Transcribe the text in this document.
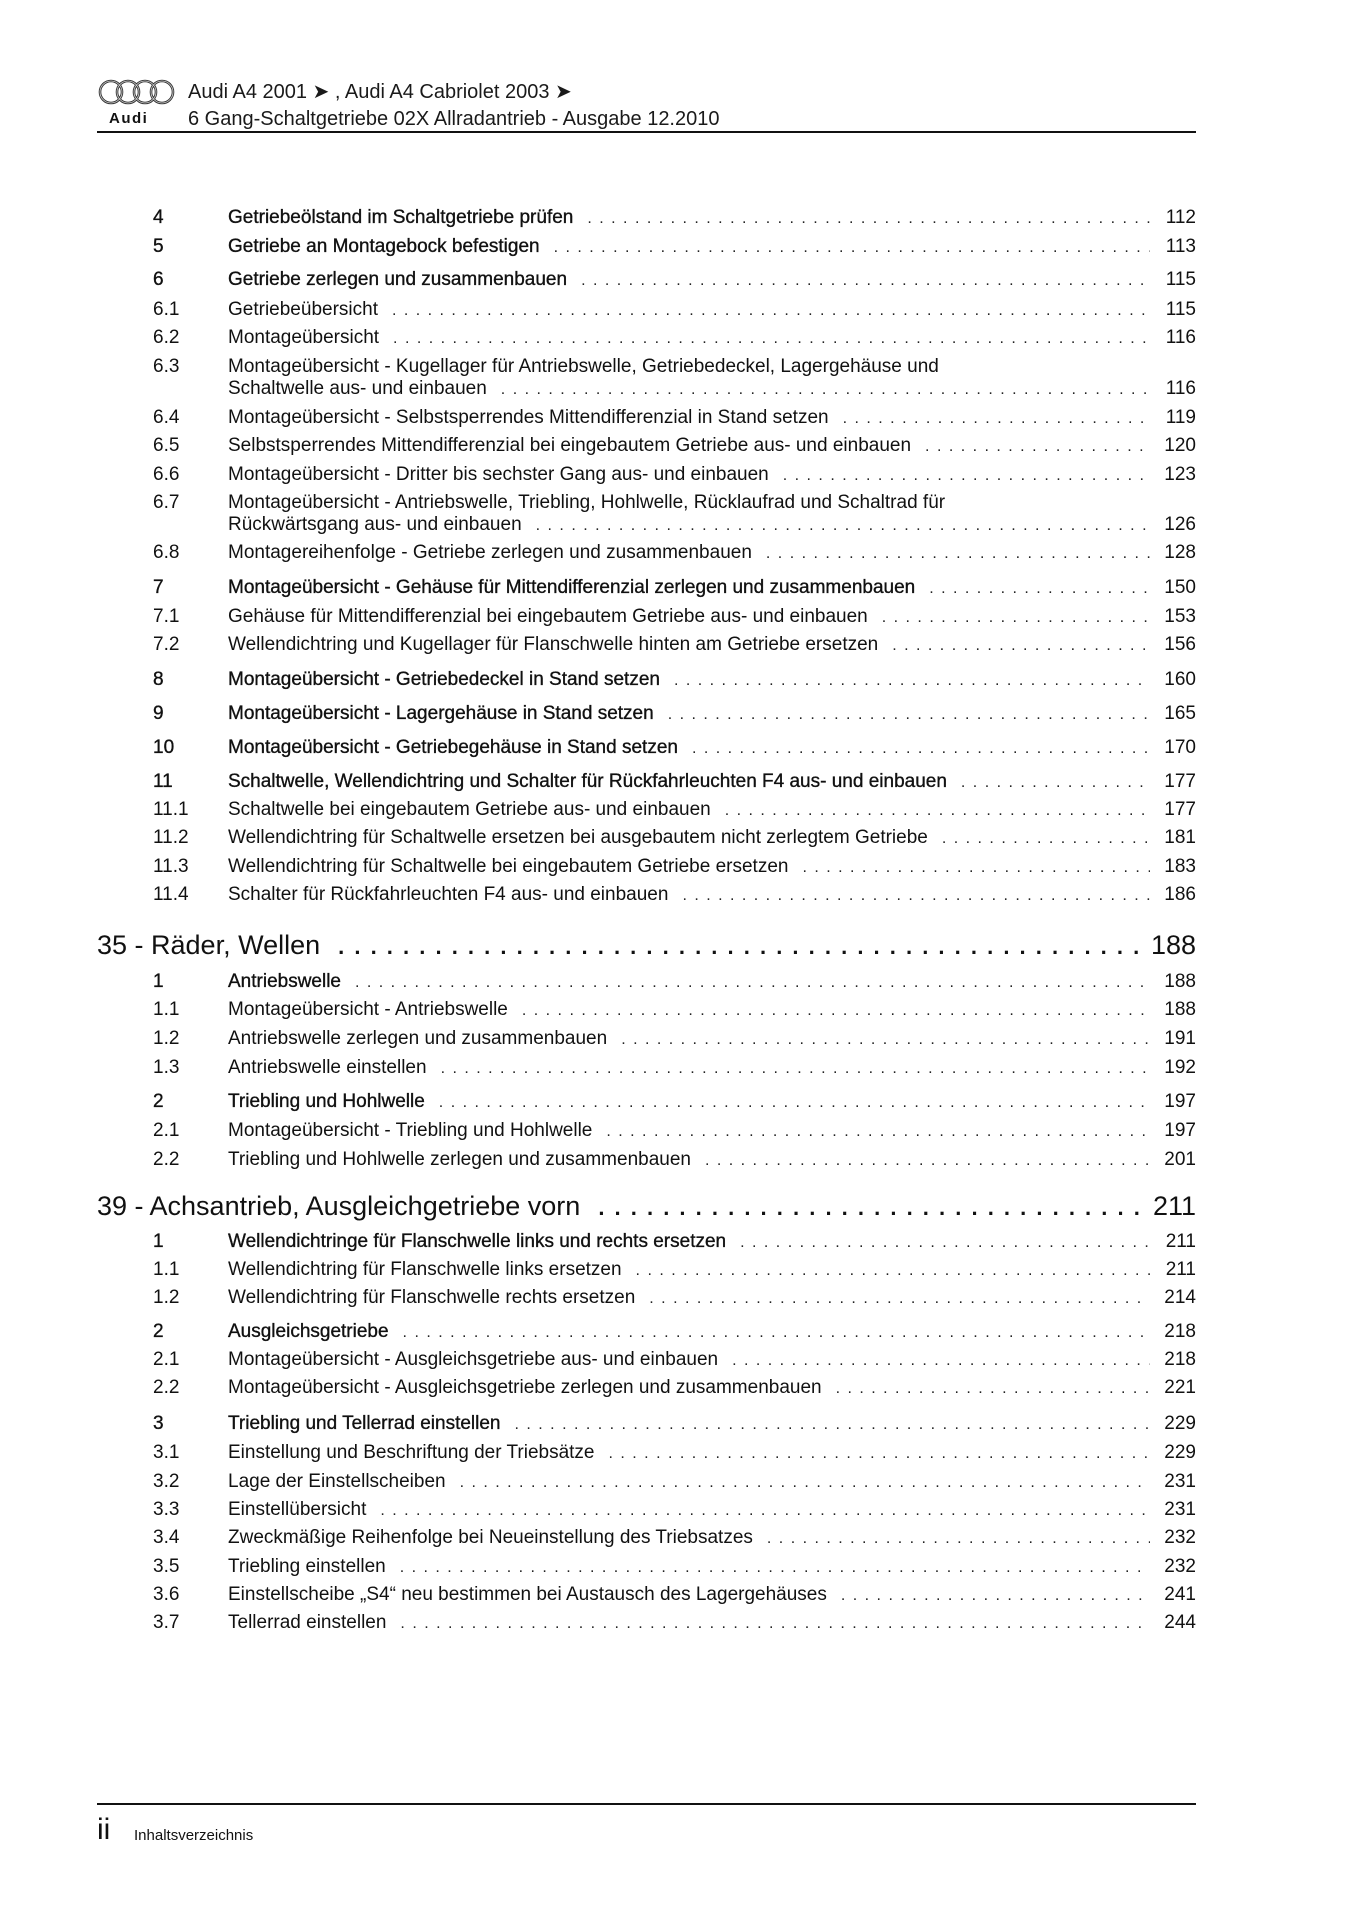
Audi
Audi A4 2001 ➤ , Audi A4 Cabriolet 2003 ➤
6 Gang-Schaltgetriebe 02X Allradantrieb - Ausgabe 12.2010
4	Getriebeölstand im Schaltgetriebe prüfen . . .	112
5	Getriebe an Montagebock befestigen . . .	113
6	Getriebe zerlegen und zusammenbauen . . .	115
6.1	Getriebeübersicht . . .	115
6.2	Montageübersicht . . .	116
6.3	Montageübersicht - Kugellager für Antriebswelle, Getriebedeckel, Lagergehäuse und
Schaltwelle aus- und einbauen . . .	116
6.4	Montageübersicht - Selbstsperrendes Mittendifferenzial in Stand setzen . . .	119
6.5	Selbstsperrendes Mittendifferenzial bei eingebautem Getriebe aus- und einbauen . . .	120
6.6	Montageübersicht - Dritter bis sechster Gang aus- und einbauen . . .	123
6.7	Montageübersicht - Antriebswelle, Triebling, Hohlwelle, Rücklaufrad und Schaltrad für
Rückwärtsgang aus- und einbauen . . .	126
6.8	Montagereihenfolge - Getriebe zerlegen und zusammenbauen . . .	128
7	Montageübersicht - Gehäuse für Mittendifferenzial zerlegen und zusammenbauen . . .	150
7.1	Gehäuse für Mittendifferenzial bei eingebautem Getriebe aus- und einbauen . . .	153
7.2	Wellendichtring und Kugellager für Flanschwelle hinten am Getriebe ersetzen . . .	156
8	Montageübersicht - Getriebedeckel in Stand setzen . . .	160
9	Montageübersicht - Lagergehäuse in Stand setzen . . .	165
10	Montageübersicht - Getriebegehäuse in Stand setzen . . .	170
11	Schaltwelle, Wellendichtring und Schalter für Rückfahrleuchten F4 aus- und einbauen . . .	177
11.1 Schaltwelle bei eingebautem Getriebe aus- und einbauen . . .	177
11.2 Wellendichtring für Schaltwelle ersetzen bei ausgebautem nicht zerlegtem Getriebe . . .	181
11.3 Wellendichtring für Schaltwelle bei eingebautem Getriebe ersetzen . . .	183
11.4 Schalter für Rückfahrleuchten F4 aus- und einbauen . . .	186
35 - Räder, Wellen . . .	188
1	Antriebswelle . . .	188
1.1	Montageübersicht - Antriebswelle . . .	188
1.2	Antriebswelle zerlegen und zusammenbauen . . .	191
1.3	Antriebswelle einstellen . . .	192
2	Triebling und Hohlwelle . . .	197
2.1	Montageübersicht - Triebling und Hohlwelle . . .	197
2.2	Triebling und Hohlwelle zerlegen und zusammenbauen . . .	201
39 - Achsantrieb, Ausgleichgetriebe vorn . . .	211
1	Wellendichtringe für Flanschwelle links und rechts ersetzen . . .	211
1.1	Wellendichtring für Flanschwelle links ersetzen . . .	211
1.2	Wellendichtring für Flanschwelle rechts ersetzen . . .	214
2	Ausgleichsgetriebe . . .	218
2.1	Montageübersicht - Ausgleichsgetriebe aus- und einbauen . . .	218
2.2	Montageübersicht - Ausgleichsgetriebe zerlegen und zusammenbauen . . .	221
3	Triebling und Tellerrad einstellen . . .	229
3.1	Einstellung und Beschriftung der Triebsätze . . .	229
3.2	Lage der Einstellscheiben . . .	231
3.3	Einstellübersicht . . .	231
3.4	Zweckmäßige Reihenfolge bei Neueinstellung des Triebsatzes . . .	232
3.5	Triebling einstellen . . .	232
3.6	Einstellscheibe „S4“ neu bestimmen bei Austausch des Lagergehäuses . . .	241
3.7	Tellerrad einstellen . . .	244
ii Inhaltsverzeichnis
